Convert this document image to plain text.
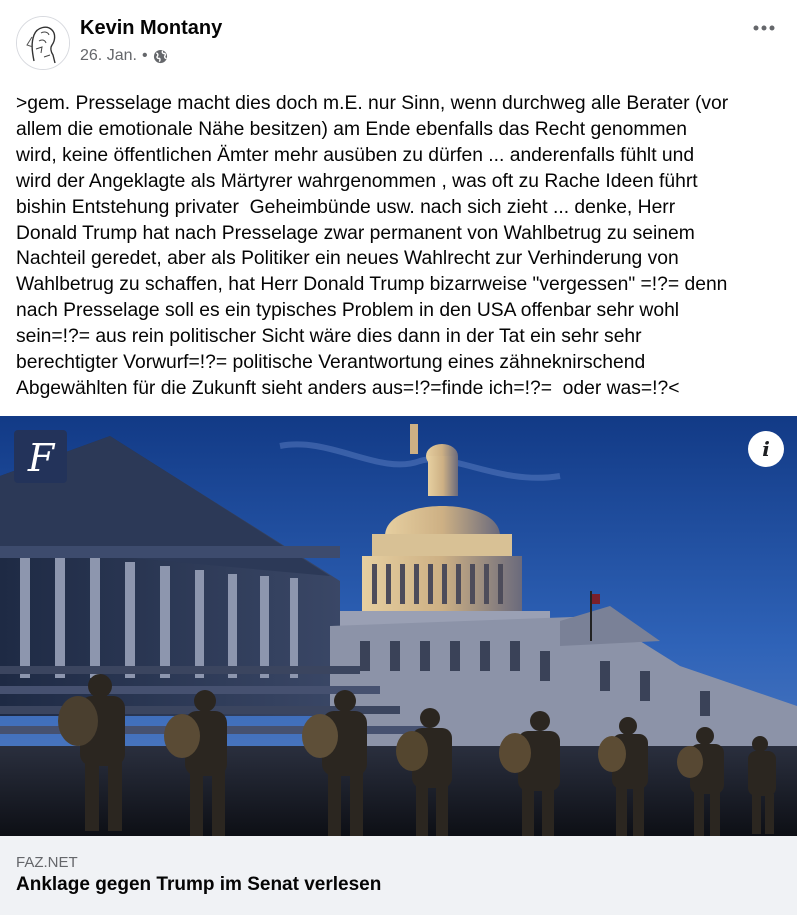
Kevin Montany
26. Jan. •

>gem. Presselage macht dies doch m.E. nur Sinn, wenn durchweg alle Berater (vor
allem die emotionale Nähe besitzen) am Ende ebenfalls das Recht genommen
wird, keine öffentlichen Ämter mehr ausüben zu dürfen ... anderenfalls fühlt und
wird der Angeklagte als Märtyrer wahrgenommen , was oft zu Rache Ideen führt
bishin Entstehung privater  Geheimbünde usw. nach sich zieht ... denke, Herr
Donald Trump hat nach Presselage zwar permanent von Wahlbetrug zu seinem
Nachteil geredet, aber als Politiker ein neues Wahlrecht zur Verhinderung von
Wahlbetrug zu schaffen, hat Herr Donald Trump bizarrweise "vergessen" =!?= denn
nach Presselage soll es ein typisches Problem in den USA offenbar sehr wohl
sein=!?= aus rein politischer Sicht wäre dies dann in der Tat ein sehr sehr
berechtigter Vorwurf=!?= politische Verantwortung eines zähneknirschend
Abgewählten für die Zukunft sieht anders aus=!?=finde ich=!?=  oder was=!?<

F	i
FAZ.NET
Anklage gegen Trump im Senat verlesen
